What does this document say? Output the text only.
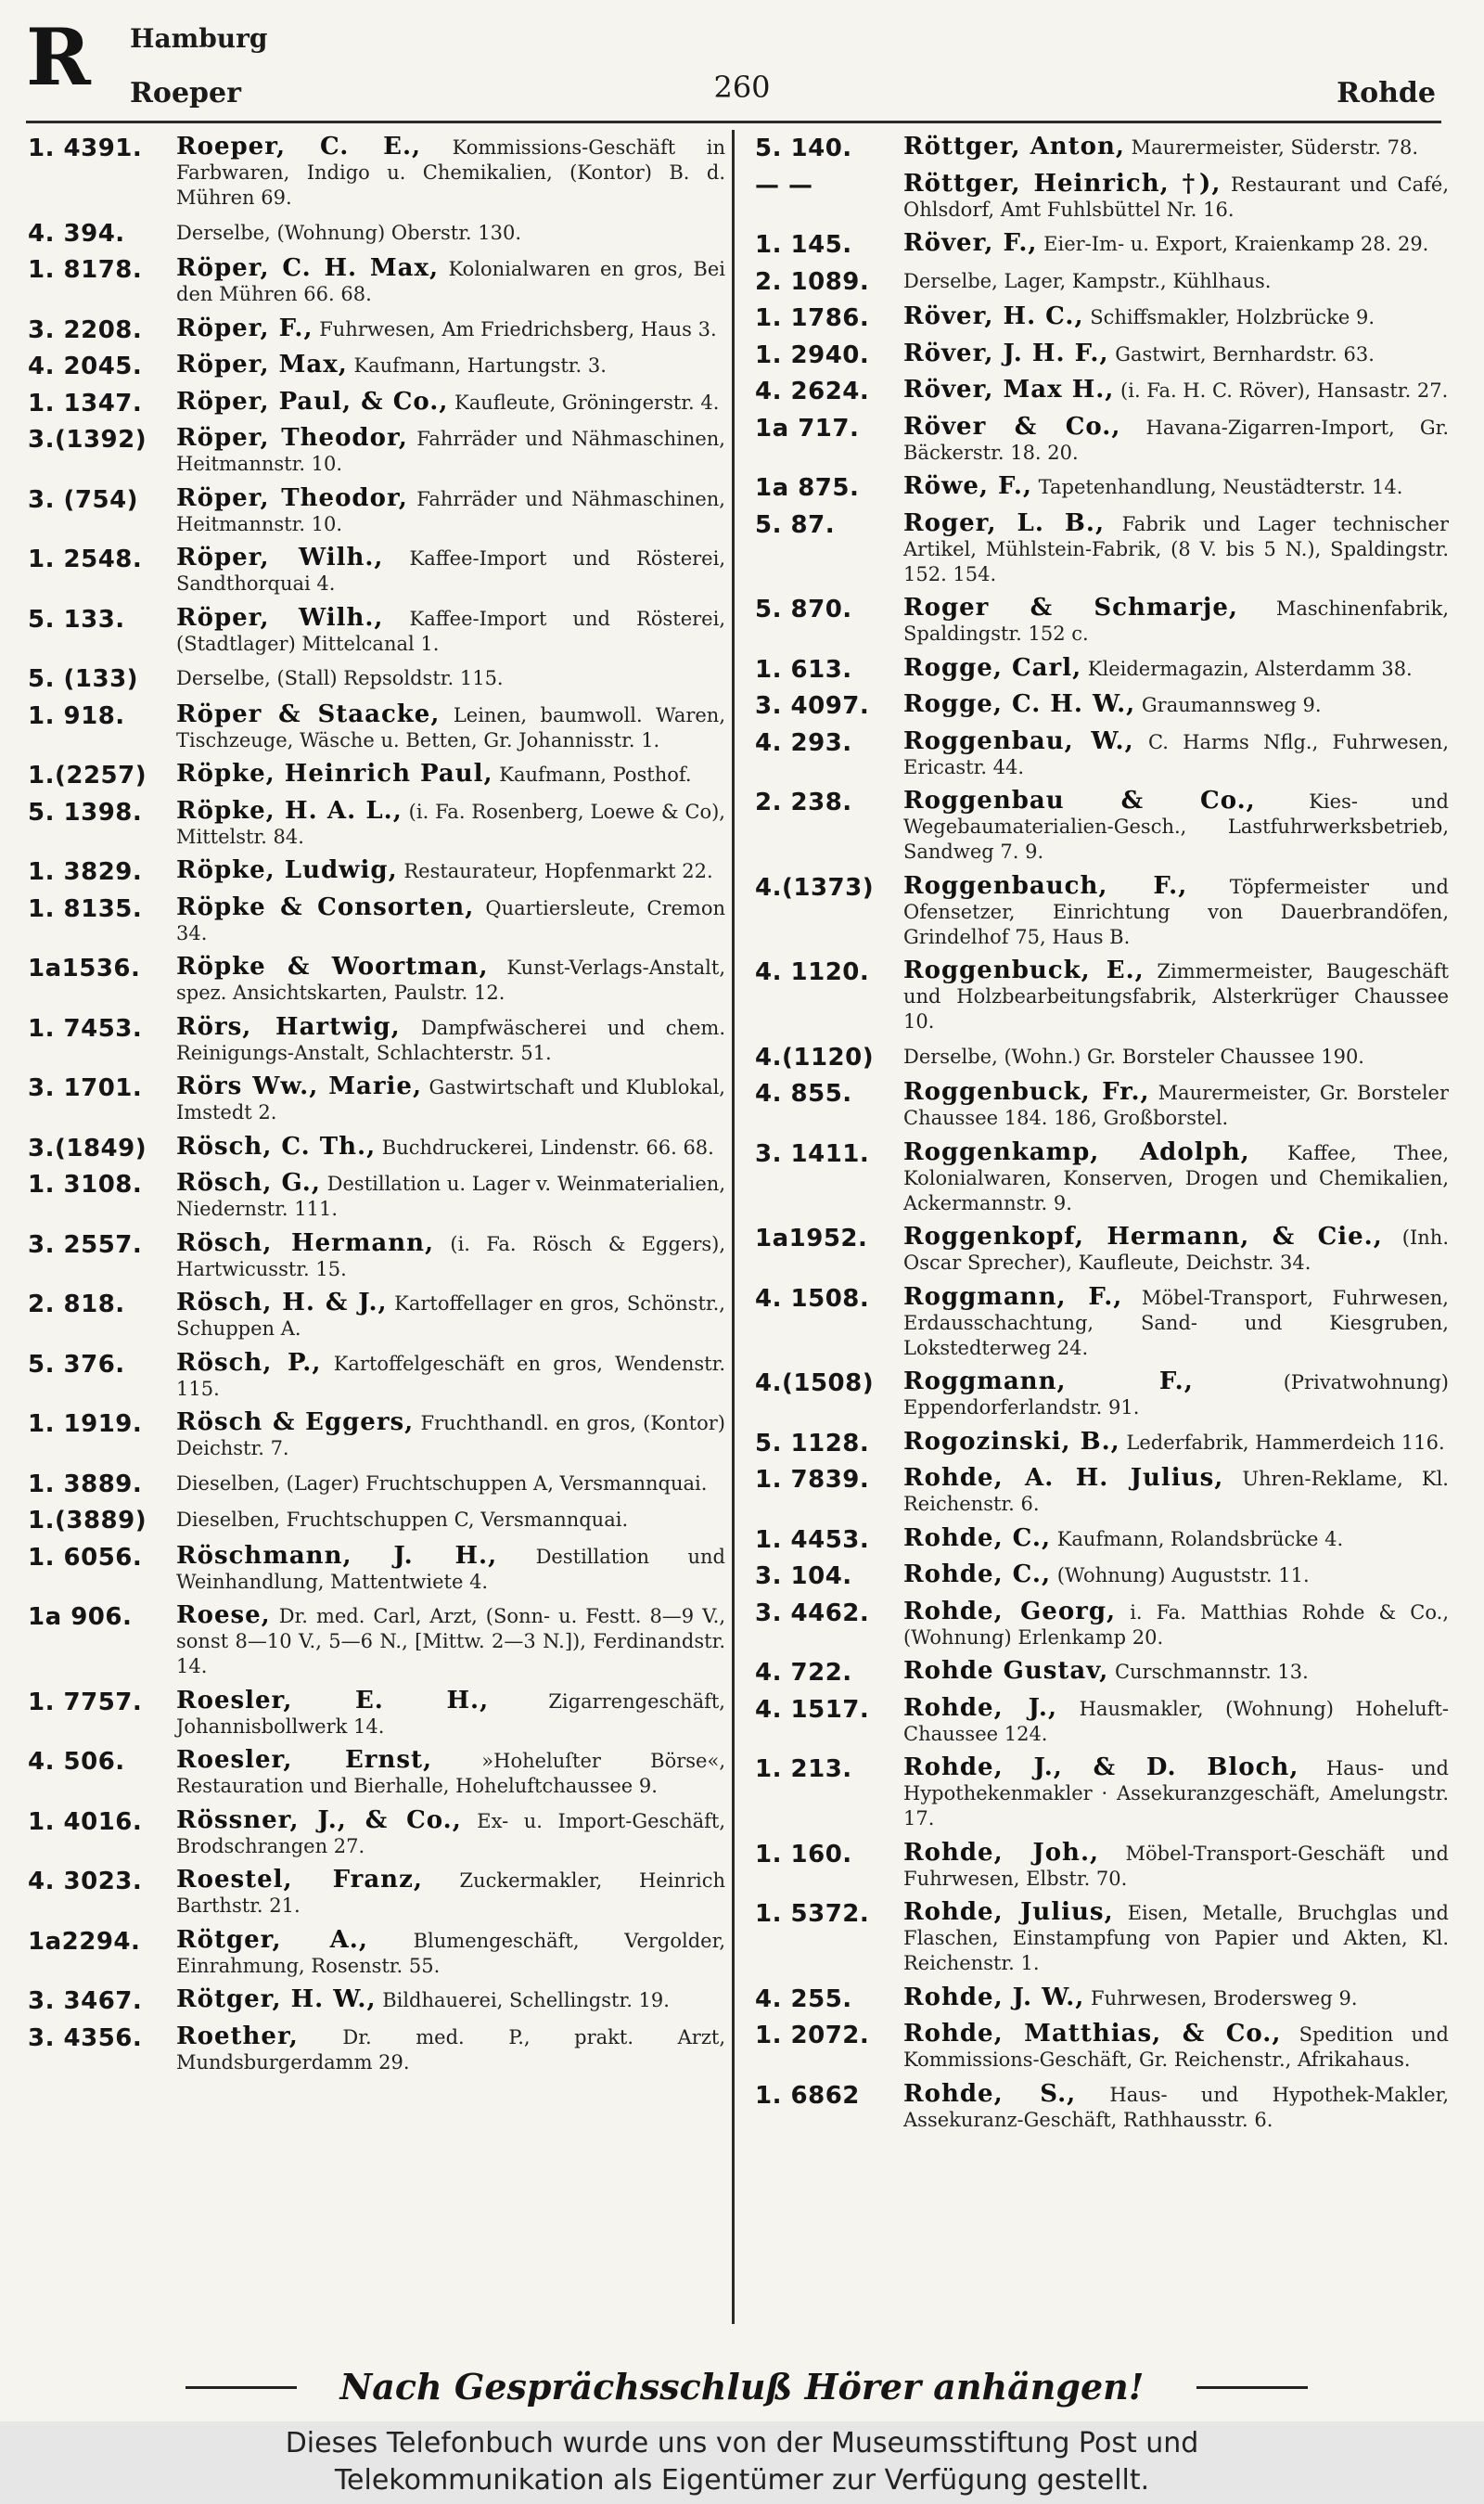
R Hamburg
Roeper	260	Rohde
1. 4391.	Roeper, C. E., Kommissions-Geschäft in Farbwaren, Indigo u. Chemikalien, (Kontor) B. d. Mühren 69.
4. 394.	Derselbe, (Wohnung) Oberstr. 130.
1. 8178.	Röper, C. H. Max, Kolonialwaren en gros, Bei den Mühren 66. 68.
3. 2208.	Röper, F., Fuhrwesen, Am Friedrichsberg, Haus 3.
4. 2045.	Röper, Max, Kaufmann, Hartungstr. 3.
1. 1347.	Röper, Paul, & Co., Kaufleute, Gröningerstr. 4.
3.(1392)	Röper, Theodor, Fahrräder und Nähmaschinen, Heitmannstr. 10.
3. (754)	Röper, Theodor, Fahrräder und Nähmaschinen, Heitmannstr. 10.
1. 2548.	Röper, Wilh., Kaffee-Import und Rösterei, Sandthorquai 4.
5. 133.	Röper, Wilh., Kaffee-Import und Rösterei, (Stadtlager) Mittelcanal 1.
5. (133)	Derselbe, (Stall) Repsoldstr. 115.
1. 918.	Röper & Staacke, Leinen, baumwoll. Waren, Tischzeuge, Wäsche u. Betten, Gr. Johannisstr. 1.
1.(2257)	Röpke, Heinrich Paul, Kaufmann, Posthof.
5. 1398.	Röpke, H. A. L., (i. Fa. Rosenberg, Loewe & Co), Mittelstr. 84.
1. 3829.	Röpke, Ludwig, Restaurateur, Hopfenmarkt 22.
1. 8135.	Röpke & Consorten, Quartiersleute, Cremon 34.
1a1536.	Röpke & Woortman, Kunst-Verlags-Anstalt, spez. Ansichtskarten, Paulstr. 12.
1. 7453.	Rörs, Hartwig, Dampfwäscherei und chem. Reinigungs-Anstalt, Schlachterstr. 51.
3. 1701.	Rörs Ww., Marie, Gastwirtschaft und Klublokal, Imstedt 2.
3.(1849)	Rösch, C. Th., Buchdruckerei, Lindenstr. 66. 68.
1. 3108.	Rösch, G., Destillation u. Lager v. Weinmaterialien, Niedernstr. 111.
3. 2557.	Rösch, Hermann, (i. Fa. Rösch & Eggers), Hartwicusstr. 15.
2. 818.	Rösch, H. & J., Kartoffellager en gros, Schönstr., Schuppen A.
5. 376.	Rösch, P., Kartoffelgeschäft en gros, Wendenstr. 115.
1. 1919.	Rösch & Eggers, Fruchthandl. en gros, (Kontor) Deichstr. 7.
1. 3889.	Dieselben, (Lager) Fruchtschuppen A, Versmannquai.
1.(3889)	Dieselben, Fruchtschuppen C, Versmannquai.
1. 6056.	Röschmann, J. H., Destillation und Weinhandlung, Mattentwiete 4.
1a 906.	Roese, Dr. med. Carl, Arzt, (Sonn- u. Festt. 8—9 V., sonst 8—10 V., 5—6 N., [Mittw. 2—3 N.]), Ferdinandstr. 14.
1. 7757.	Roesler, E. H., Zigarrengeschäft, Johannisbollwerk 14.
4. 506.	Roesler, Ernst, »Hoheluſter Börse«, Restauration und Bierhalle, Hoheluftchaussee 9.
1. 4016.	Rössner, J., & Co., Ex- u. Import-Geschäft, Brodschrangen 27.
4. 3023.	Roestel, Franz, Zuckermakler, Heinrich Barthstr. 21.
1a2294.	Rötger, A., Blumengeschäft, Vergolder, Einrahmung, Rosenstr. 55.
3. 3467.	Rötger, H. W., Bildhauerei, Schellingstr. 19.
3. 4356.	Roether, Dr. med. P., prakt. Arzt, Mundsburgerdamm 29.
5. 140.	Röttger, Anton, Maurermeister, Süderstr. 78.
— —	Röttger, Heinrich, †), Restaurant und Café, Ohlsdorf, Amt Fuhlsbüttel Nr. 16.
1. 145.	Röver, F., Eier-Im- u. Export, Kraienkamp 28. 29.
2. 1089.	Derselbe, Lager, Kampstr., Kühlhaus.
1. 1786.	Röver, H. C., Schiffsmakler, Holzbrücke 9.
1. 2940.	Röver, J. H. F., Gastwirt, Bernhardstr. 63.
4. 2624.	Röver, Max H., (i. Fa. H. C. Röver), Hansastr. 27.
1a 717.	Röver & Co., Havana-Zigarren-Import, Gr. Bäckerstr. 18. 20.
1a 875.	Röwe, F., Tapetenhandlung, Neustädterstr. 14.
5. 87.	Roger, L. B., Fabrik und Lager technischer Artikel, Mühlstein-Fabrik, (8 V. bis 5 N.), Spaldingstr. 152. 154.
5. 870.	Roger & Schmarje, Maschinenfabrik, Spaldingstr. 152 c.
1. 613.	Rogge, Carl, Kleidermagazin, Alsterdamm 38.
3. 4097.	Rogge, C. H. W., Graumannsweg 9.
4. 293.	Roggenbau, W., C. Harms Nflg., Fuhrwesen, Ericastr. 44.
2. 238.	Roggenbau & Co., Kies- und Wegebaumaterialien-Gesch., Lastfuhrwerksbetrieb, Sandweg 7. 9.
4.(1373)	Roggenbauch, F., Töpfermeister und Ofensetzer, Einrichtung von Dauerbrandöfen, Grindelhof 75, Haus B.
4. 1120.	Roggenbuck, E., Zimmermeister, Baugeschäft und Holzbearbeitungsfabrik, Alsterkrüger Chaussee 10.
4.(1120)	Derselbe, (Wohn.) Gr. Borsteler Chaussee 190.
4. 855.	Roggenbuck, Fr., Maurermeister, Gr. Borsteler Chaussee 184. 186, Großborstel.
3. 1411.	Roggenkamp, Adolph, Kaffee, Thee, Kolonialwaren, Konserven, Drogen und Chemikalien, Ackermannstr. 9.
1a1952.	Roggenkopf, Hermann, & Cie., (Inh. Oscar Sprecher), Kaufleute, Deichstr. 34.
4. 1508.	Roggmann, F., Möbel-Transport, Fuhrwesen, Erdausschachtung, Sand- und Kiesgruben, Lokstedterweg 24.
4.(1508)	Roggmann, F., (Privatwohnung) Eppendorferlandstr. 91.
5. 1128.	Rogozinski, B., Lederfabrik, Hammerdeich 116.
1. 7839.	Rohde, A. H. Julius, Uhren-Reklame, Kl. Reichenstr. 6.
1. 4453.	Rohde, C., Kaufmann, Rolandsbrücke 4.
3. 104.	Rohde, C., (Wohnung) Auguststr. 11.
3. 4462.	Rohde, Georg, i. Fa. Matthias Rohde & Co., (Wohnung) Erlenkamp 20.
4. 722.	Rohde Gustav, Curschmannstr. 13.
4. 1517.	Rohde, J., Hausmakler, (Wohnung) Hoheluft-Chaussee 124.
1. 213.	Rohde, J., & D. Bloch, Haus- und Hypothekenmakler · Assekuranzgeschäft, Amelungstr. 17.
1. 160.	Rohde, Joh., Möbel-Transport-Geschäft und Fuhrwesen, Elbstr. 70.
1. 5372.	Rohde, Julius, Eisen, Metalle, Bruchglas und Flaschen, Einstampfung von Papier und Akten, Kl. Reichenstr. 1.
4. 255.	Rohde, J. W., Fuhrwesen, Brodersweg 9.
1. 2072.	Rohde, Matthias, & Co., Spedition und Kommissions-Geschäft, Gr. Reichenstr., Afrikahaus.
1. 6862	Rohde, S., Haus- und Hypothek-Makler, Assekuranz-Geschäft, Rathhausstr. 6.
Nach Gesprächsschluß Hörer anhängen!
Dieses Telefonbuch wurde uns von der Museumsstiftung Post und
Telekommunikation als Eigentümer zur Verfügung gestellt.
